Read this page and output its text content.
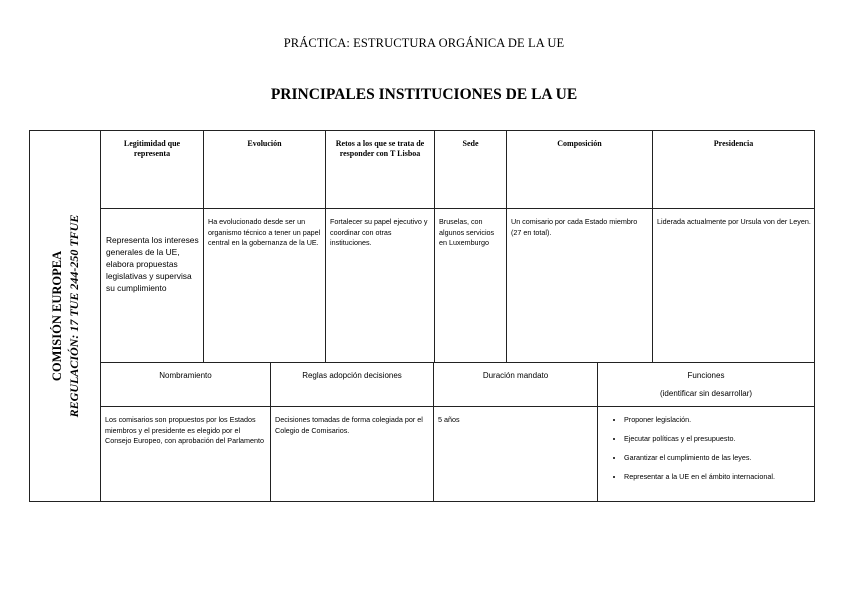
PRÁCTICA: ESTRUCTURA ORGÁNICA DE LA UE
PRINCIPALES INSTITUCIONES DE LA UE
COMISIÓN EUROPEA REGULACIÓN: 17 TUE 244-250 TFUE
Legitimidad que representa
Evolución	Retos a los que se trata de responder con T Lisboa
Sede	Composición	Presidencia
Representa los intereses generales de la UE, elabora propuestas legislativas y supervisa su cumplimiento
Ha evolucionado desde ser un organismo técnico a tener un papel central en la gobernanza de la UE.
Fortalecer su papel ejecutivo y coordinar con otras instituciones.
Bruselas, con algunos servicios en Luxemburgo
Un comisario por cada Estado miembro (27 en total).
Liderada actualmente por Ursula von der Leyen.
Nombramiento	Reglas adopción decisiones	Duración mandato	Funciones
(identificar sin desarrollar)
Los comisarios son propuestos por los Estados miembros y el presidente es elegido por el Consejo Europeo, con aprobación del Parlamento
Decisiones tomadas de forma colegiada por el Colegio de Comisarios.
5 años
•	Proponer legislación.
• Ejecutar políticas y el presupuesto.
• Garantizar el cumplimiento de las leyes.
• Representar a la UE en el ámbito internacional.
